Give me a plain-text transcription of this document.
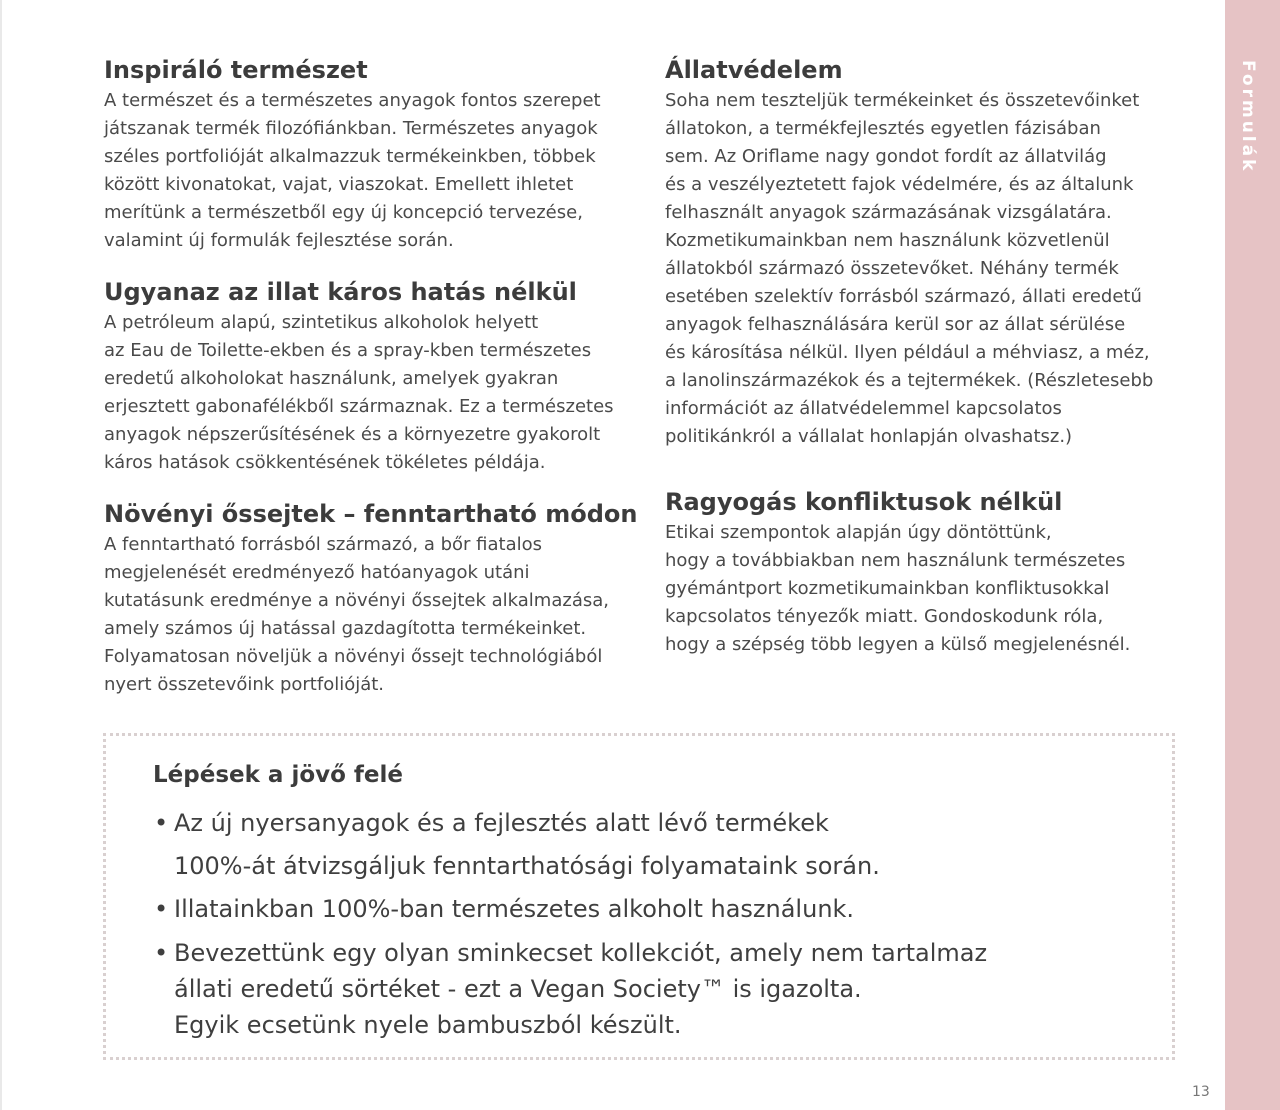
Formulák
Inspiráló természet

A természet és a természetes anyagok fontos szerepet
játszanak termék filozófiánkban. Természetes anyagok
széles portfolióját alkalmazzuk termékeinkben, többek
között kivonatokat, vajat, viaszokat. Emellett ihletet
merítünk a természetből egy új koncepció tervezése,
valamint új formulák fejlesztése során.

Ugyanaz az illat káros hatás nélkül

A petróleum alapú, szintetikus alkoholok helyett
az Eau de Toilette-ekben és a spray-kben természetes
eredetű alkoholokat használunk, amelyek gyakran
erjesztett gabonafélékből származnak. Ez a természetes
anyagok népszerűsítésének és a környezetre gyakorolt
káros hatások csökkentésének tökéletes példája.

Növényi őssejtek – fenntartható módon

A fenntartható forrásból származó, a bőr fiatalos
megjelenését eredményező hatóanyagok utáni
kutatásunk eredménye a növényi őssejtek alkalmazása,
amely számos új hatással gazdagította termékeinket.
Folyamatosan növeljük a növényi őssejt technológiából
nyert összetevőink portfolióját.

Állatvédelem

Soha nem teszteljük termékeinket és összetevőinket
állatokon, a termékfejlesztés egyetlen fázisában
sem. Az Oriflame nagy gondot fordít az állatvilág
és a veszélyeztetett fajok védelmére, és az általunk
felhasznált anyagok származásának vizsgálatára.
Kozmetikumainkban nem használunk közvetlenül
állatokból származó összetevőket. Néhány termék
esetében szelektív forrásból származó, állati eredetű
anyagok felhasználására kerül sor az állat sérülése
és károsítása nélkül. Ilyen például a méhviasz, a méz,
a lanolinszármazékok és a tejtermékek. (Részletesebb
információt az állatvédelemmel kapcsolatos
politikánkról a vállalat honlapján olvashatsz.)

Ragyogás konfliktusok nélkül

Etikai szempontok alapján úgy döntöttünk,
hogy a továbbiakban nem használunk természetes
gyémántport kozmetikumainkban konfliktusokkal
kapcsolatos tényezők miatt. Gondoskodunk róla,
hogy a szépség több legyen a külső megjelenésnél.

Lépések a jövő felé
• Az új nyersanyagok és a fejlesztés alatt lévő termékek
100%-át átvizsgáljuk fenntarthatósági folyamataink során.
• Illatainkban 100%-ban természetes alkoholt használunk.
• Bevezettünk egy olyan sminkecset kollekciót, amely nem tartalmaz
állati eredetű sörtéket - ezt a Vegan Society™ is igazolta.
Egyik ecsetünk nyele bambuszból készült.
13
